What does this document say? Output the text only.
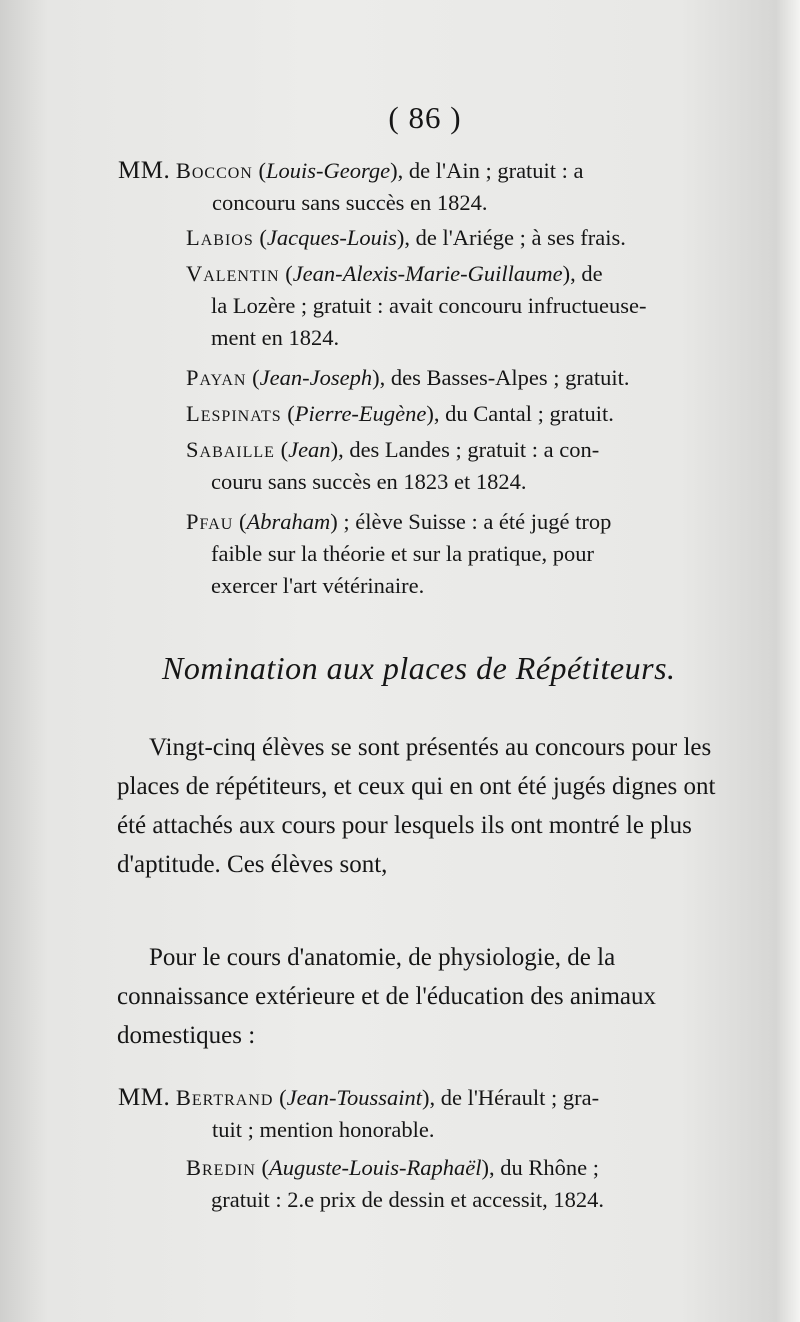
( 86 )
MM. Boccon (Louis-George), de l'Ain ; gratuit : a
concouru sans succès en 1824.
Labios (Jacques-Louis), de l'Ariége ; à ses frais.
Valentin (Jean-Alexis-Marie-Guillaume), de
la Lozère ; gratuit : avait concouru infructueuse-
ment en 1824.
Payan (Jean-Joseph), des Basses-Alpes ; gratuit.
Lespinats (Pierre-Eugène), du Cantal ; gratuit.
Sabaille (Jean), des Landes ; gratuit : a con-
couru sans succès en 1823 et 1824.
Pfau (Abraham) ; élève Suisse : a été jugé trop
faible sur la théorie et sur la pratique, pour
exercer l'art vétérinaire.
Nomination aux places de Répétiteurs.
Vingt-cinq élèves se sont présentés au concours pour les places de répétiteurs, et ceux qui en ont été jugés dignes ont été attachés aux cours pour lesquels ils ont montré le plus d'aptitude. Ces élèves sont,
Pour le cours d'anatomie, de physiologie, de la connaissance extérieure et de l'éducation des animaux domestiques :
MM. Bertrand (Jean-Toussaint), de l'Hérault ; gra-
tuit ; mention honorable.
Bredin (Auguste-Louis-Raphaël), du Rhône ;
gratuit : 2.e prix de dessin et accessit, 1824.
